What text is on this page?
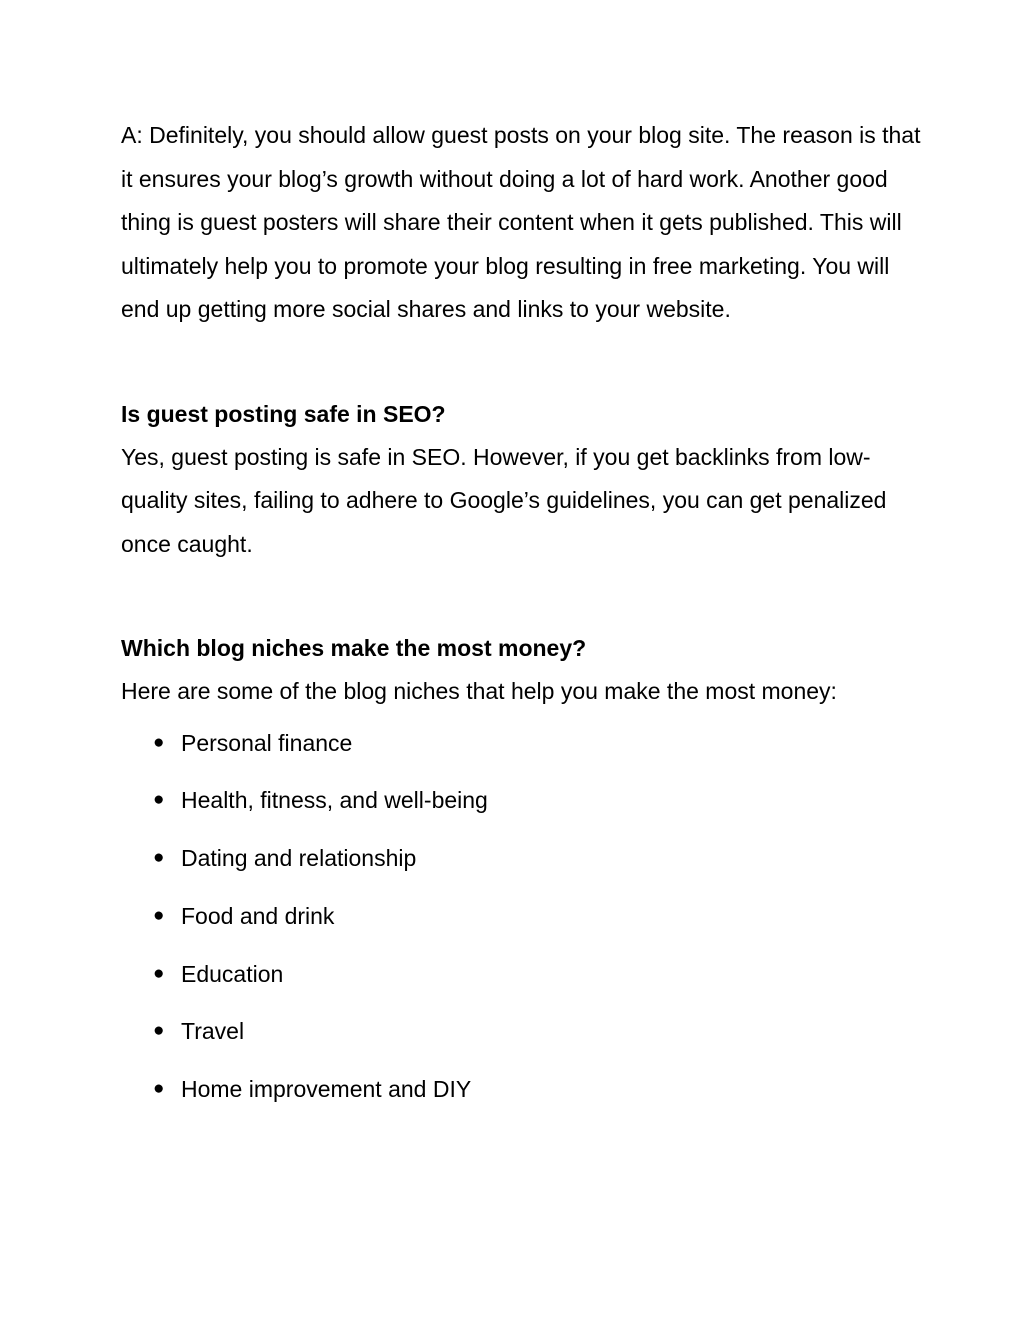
A: Definitely, you should allow guest posts on your blog site. The reason is that it ensures your blog’s growth without doing a lot of hard work. Another good thing is guest posters will share their content when it gets published. This will ultimately help you to promote your blog resulting in free marketing. You will end up getting more social shares and links to your website.

Is guest posting safe in SEO?

Yes, guest posting is safe in SEO. However, if you get backlinks from low-quality sites, failing to adhere to Google’s guidelines, you can get penalized once caught.

Which blog niches make the most money?

Here are some of the blog niches that help you make the most money:

● Personal finance
● Health, fitness, and well-being
● Dating and relationship
● Food and drink
● Education
● Travel
● Home improvement and DIY
